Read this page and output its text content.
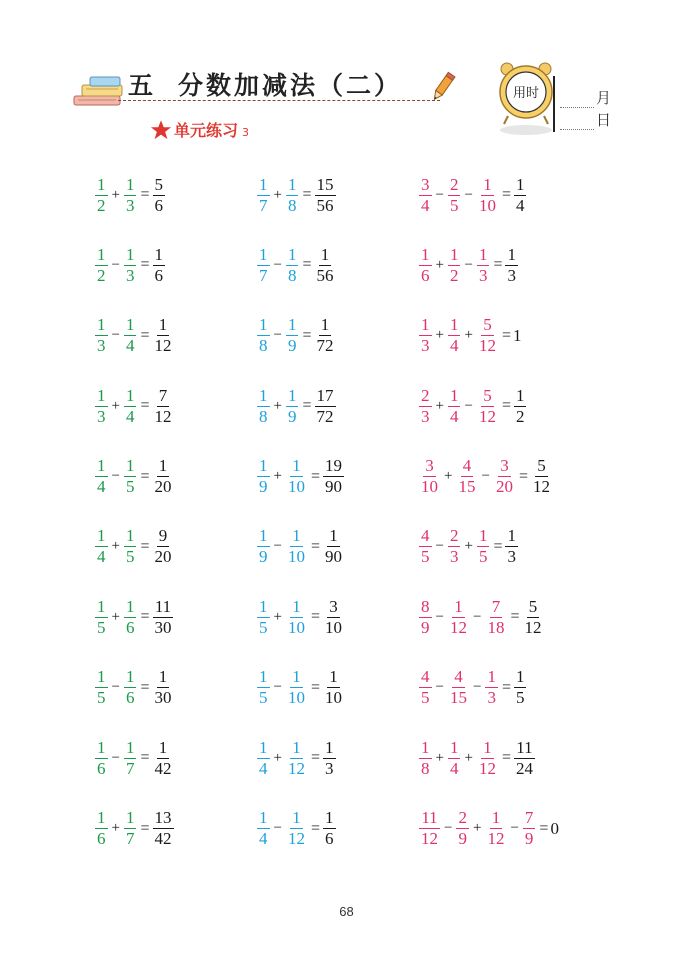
五 分数加减法（二）	用时	月
日
单元练习 3
$\frac{1}{2} + \frac{1}{3} = \frac{5}{6}$	$\frac{1}{7} + \frac{1}{8} = \frac{15}{56}$	$\frac{3}{4} - \frac{2}{5} - \frac{1}{10} = \frac{1}{4}$
$\frac{1}{2} - \frac{1}{3} = \frac{1}{6}$	$\frac{1}{7} - \frac{1}{8} = \frac{1}{56}$	$\frac{1}{6} + \frac{1}{2} - \frac{1}{3} = \frac{1}{3}$
$\frac{1}{3} - \frac{1}{4} = \frac{1}{12}$	$\frac{1}{8} - \frac{1}{9} = \frac{1}{72}$	$\frac{1}{3} + \frac{1}{4} + \frac{5}{12} = 1$
$\frac{1}{3} + \frac{1}{4} = \frac{7}{12}$	$\frac{1}{8} + \frac{1}{9} = \frac{17}{72}$	$\frac{2}{3} + \frac{1}{4} - \frac{5}{12} = \frac{1}{2}$
$\frac{1}{4} - \frac{1}{5} = \frac{1}{20}$	$\frac{1}{9} + \frac{1}{10} = \frac{19}{90}$	$\frac{3}{10} + \frac{4}{15} - \frac{3}{20} = \frac{5}{12}$
$\frac{1}{4} + \frac{1}{5} = \frac{9}{20}$	$\frac{1}{9} - \frac{1}{10} = \frac{1}{90}$	$\frac{4}{5} - \frac{2}{3} + \frac{1}{5} = \frac{1}{3}$
$\frac{1}{5} + \frac{1}{6} = \frac{11}{30}$	$\frac{1}{5} + \frac{1}{10} = \frac{3}{10}$	$\frac{8}{9} - \frac{1}{12} - \frac{7}{18} = \frac{5}{12}$
$\frac{1}{5} - \frac{1}{6} = \frac{1}{30}$	$\frac{1}{5} - \frac{1}{10} = \frac{1}{10}$	$\frac{4}{5} - \frac{4}{15} - \frac{1}{3} = \frac{1}{5}$
$\frac{1}{6} - \frac{1}{7} = \frac{1}{42}$	$\frac{1}{4} + \frac{1}{12} = \frac{1}{3}$	$\frac{1}{8} + \frac{1}{4} + \frac{1}{12} = \frac{11}{24}$
$\frac{1}{6} + \frac{1}{7} = \frac{13}{42}$	$\frac{1}{4} - \frac{1}{12} = \frac{1}{6}$	$\frac{11}{12} - \frac{2}{9} + \frac{1}{12} - \frac{7}{9} = 0$
68
